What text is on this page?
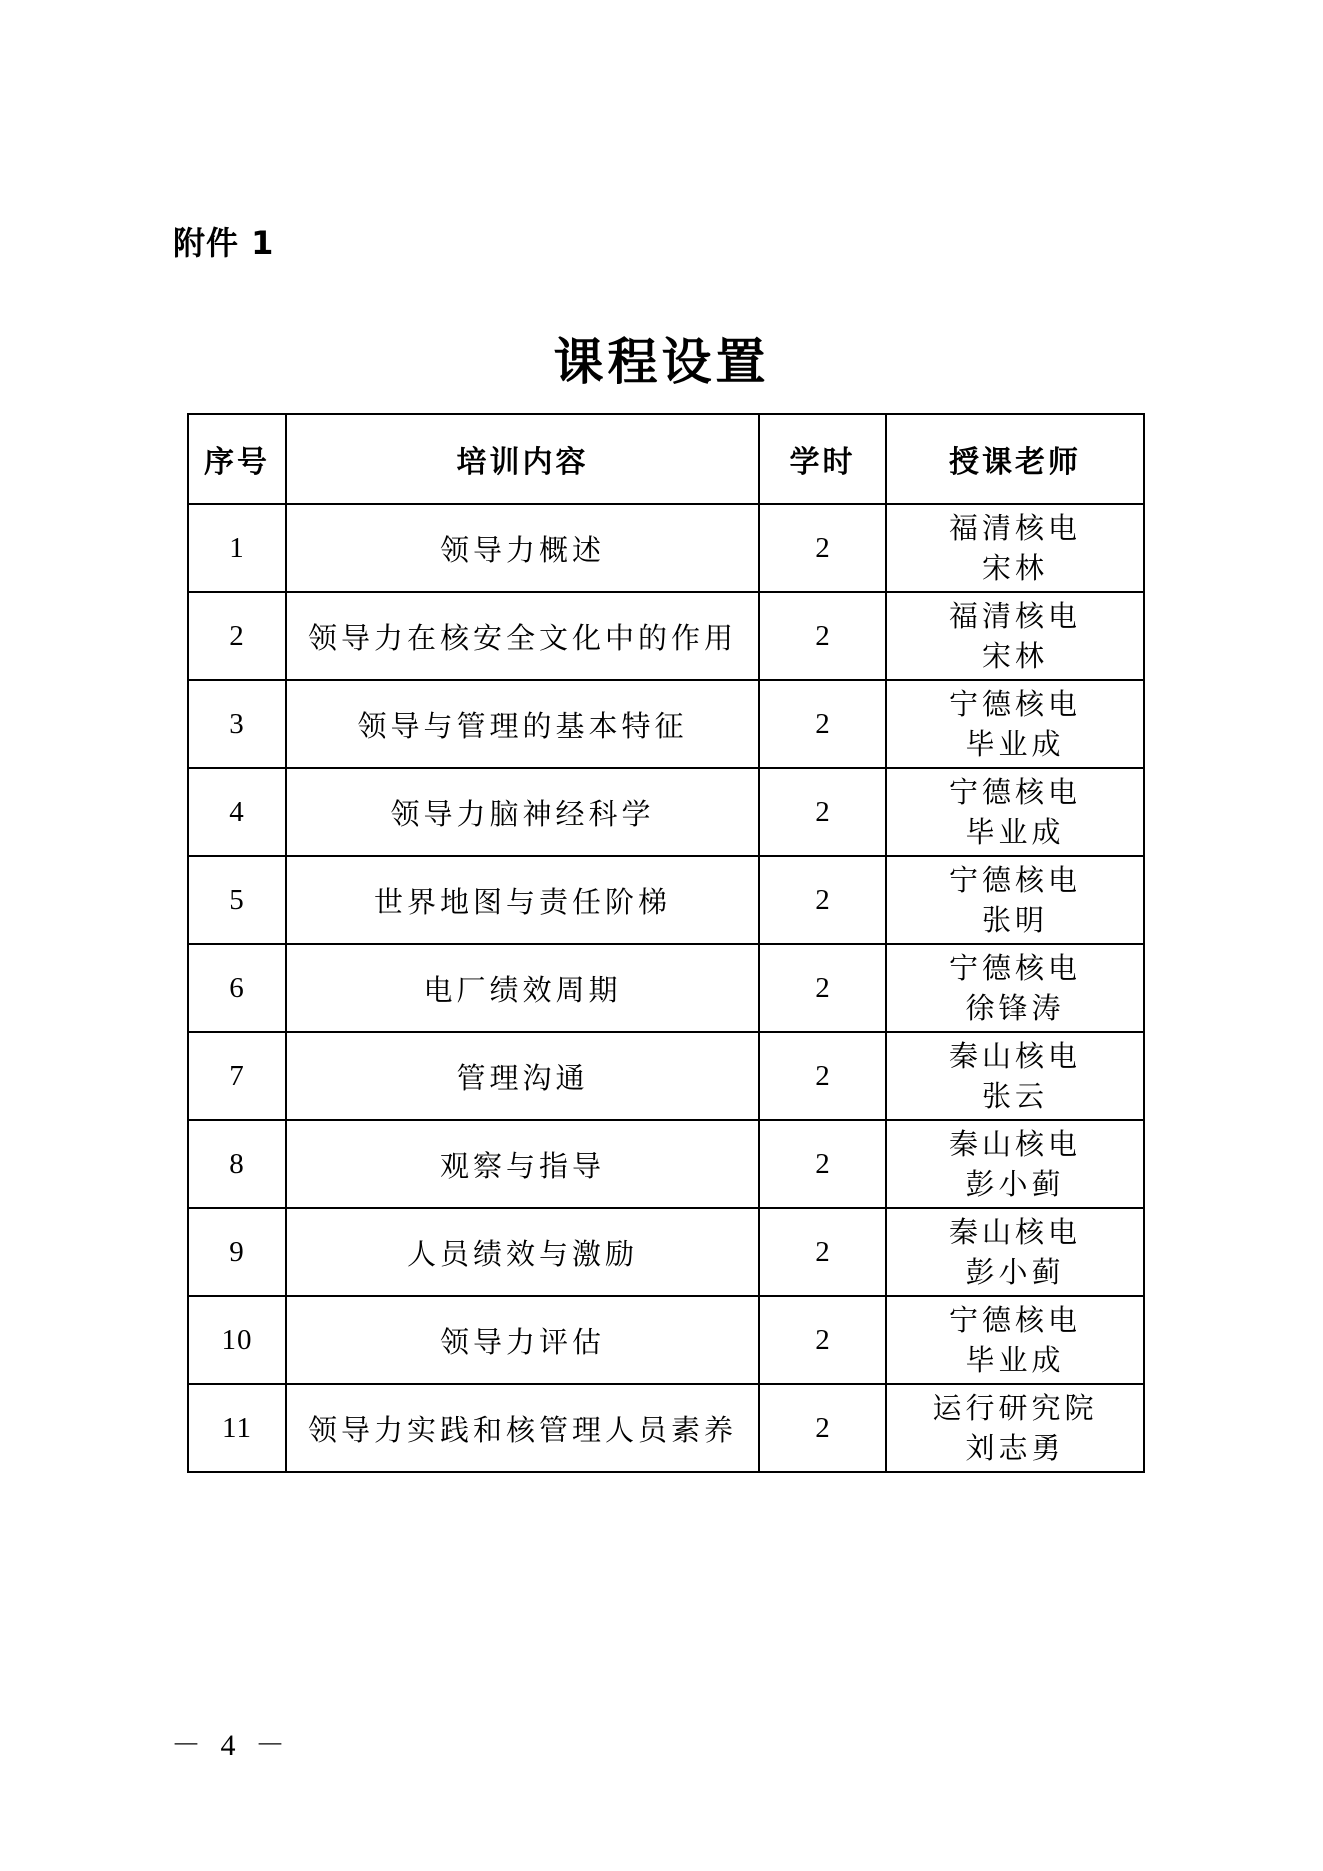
附件 1
课程设置
序号	培训内容	学时	授课老师
1	领导力概述	2	福清核电
宋林

2	领导力在核安全文化中的作用	2	福清核电
宋林

3	领导与管理的基本特征	2	宁德核电
毕业成

4	领导力脑神经科学	2	宁德核电
毕业成

5	世界地图与责任阶梯	2	宁德核电
张明

6	电厂绩效周期	2	宁德核电
徐锋涛

7	管理沟通	2	秦山核电
张云

8	观察与指导	2	秦山核电
彭小蓟

9	人员绩效与激励	2	秦山核电
彭小蓟

10	领导力评估	2	宁德核电
毕业成

11	领导力实践和核管理人员素养	2	运行研究院
刘志勇
－ 4 －
